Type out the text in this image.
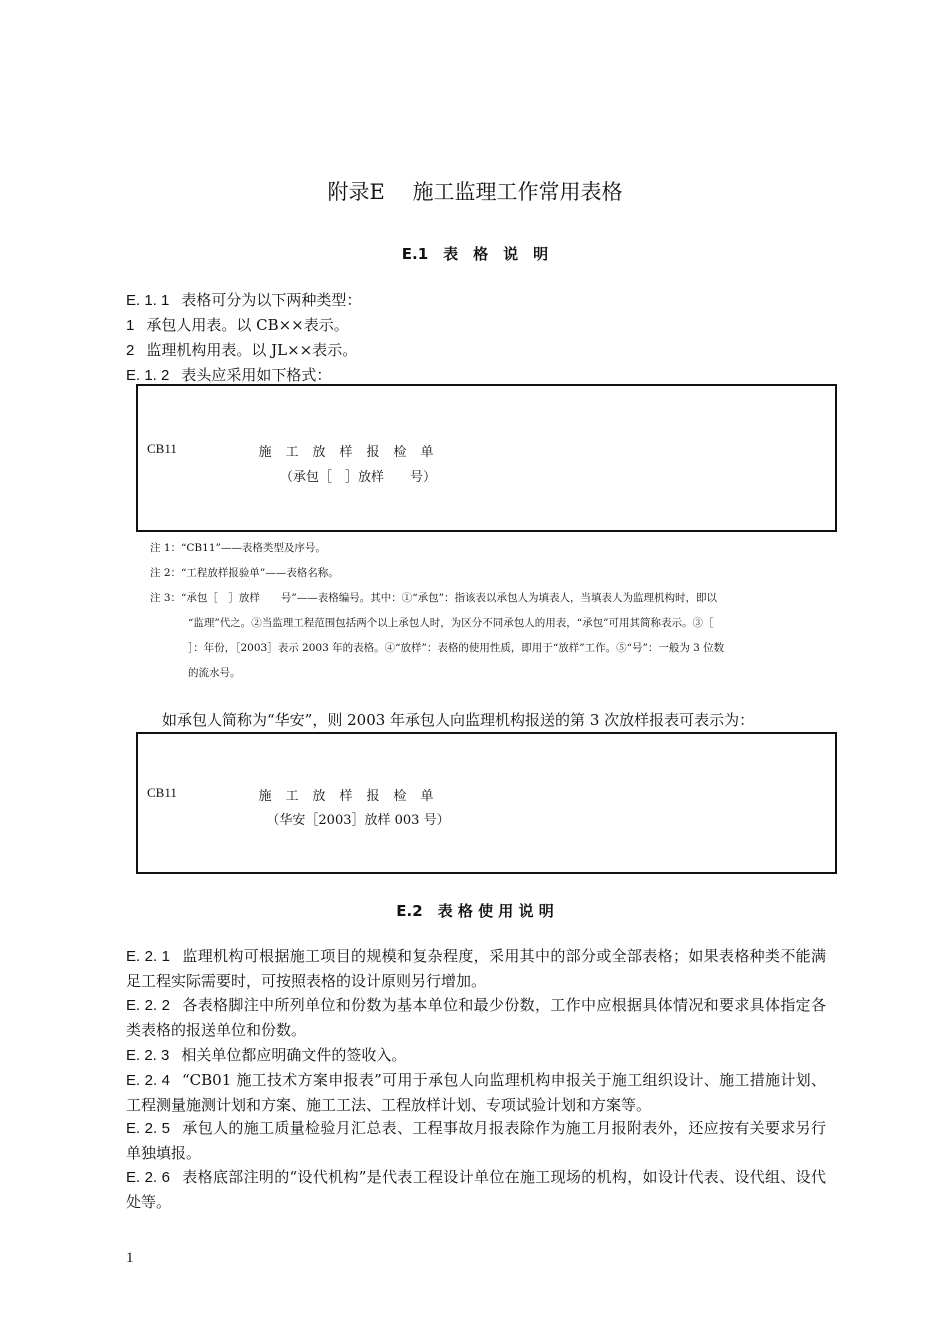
附录E　 施工监理工作常用表格
E.1　表　格　说　明
E. 1. 1 表格可分为以下两种类型：
1 承包人用表。以 CB××表示。
2 监理机构用表。以 JL××表示。
E. 1. 2 表头应采用如下格式：
CB11	施工放样报检单
（承包［　］放样　　号）
注 1：“CB11”——表格类型及序号。
注 2：“工程放样报验单”——表格名称。
注 3：“承包［　］放样　　号”——表格编号。其中：①“承包”：指该表以承包人为填表人，当填表人为监理机构时，即以
“监理”代之。②当监理工程范围包括两个以上承包人时，为区分不同承包人的用表，“承包”可用其简称表示。③［
］：年份，［2003］表示 2003 年的表格。④“放样”：表格的使用性质，即用于“放样”工作。⑤“号”：一般为 3 位数
的流水号。
如承包人简称为“华安”，则 2003 年承包人向监理机构报送的第 3 次放样报表可表示为：
CB11	施工放样报检单
（华安［2003］放样 003 号）
E.2　表 格 使 用 说 明
E. 2. 1 监理机构可根据施工项目的规模和复杂程度，采用其中的部分或全部表格；如果表格种类不能满足工程实际需要时，可按照表格的设计原则另行增加。
E. 2. 2 各表格脚注中所列单位和份数为基本单位和最少份数，工作中应根据具体情况和要求具体指定各类表格的报送单位和份数。
E. 2. 3 相关单位都应明确文件的签收入。
E. 2. 4 “CB01 施工技术方案申报表”可用于承包人向监理机构申报关于施工组织设计、施工措施计划、工程测量施测计划和方案、施工工法、工程放样计划、专项试验计划和方案等。
E. 2. 5 承包人的施工质量检验月汇总表、工程事故月报表除作为施工月报附表外，还应按有关要求另行单独填报。
E. 2. 6 表格底部注明的“设代机构”是代表工程设计单位在施工现场的机构，如设计代表、设代组、设代处等。
1
